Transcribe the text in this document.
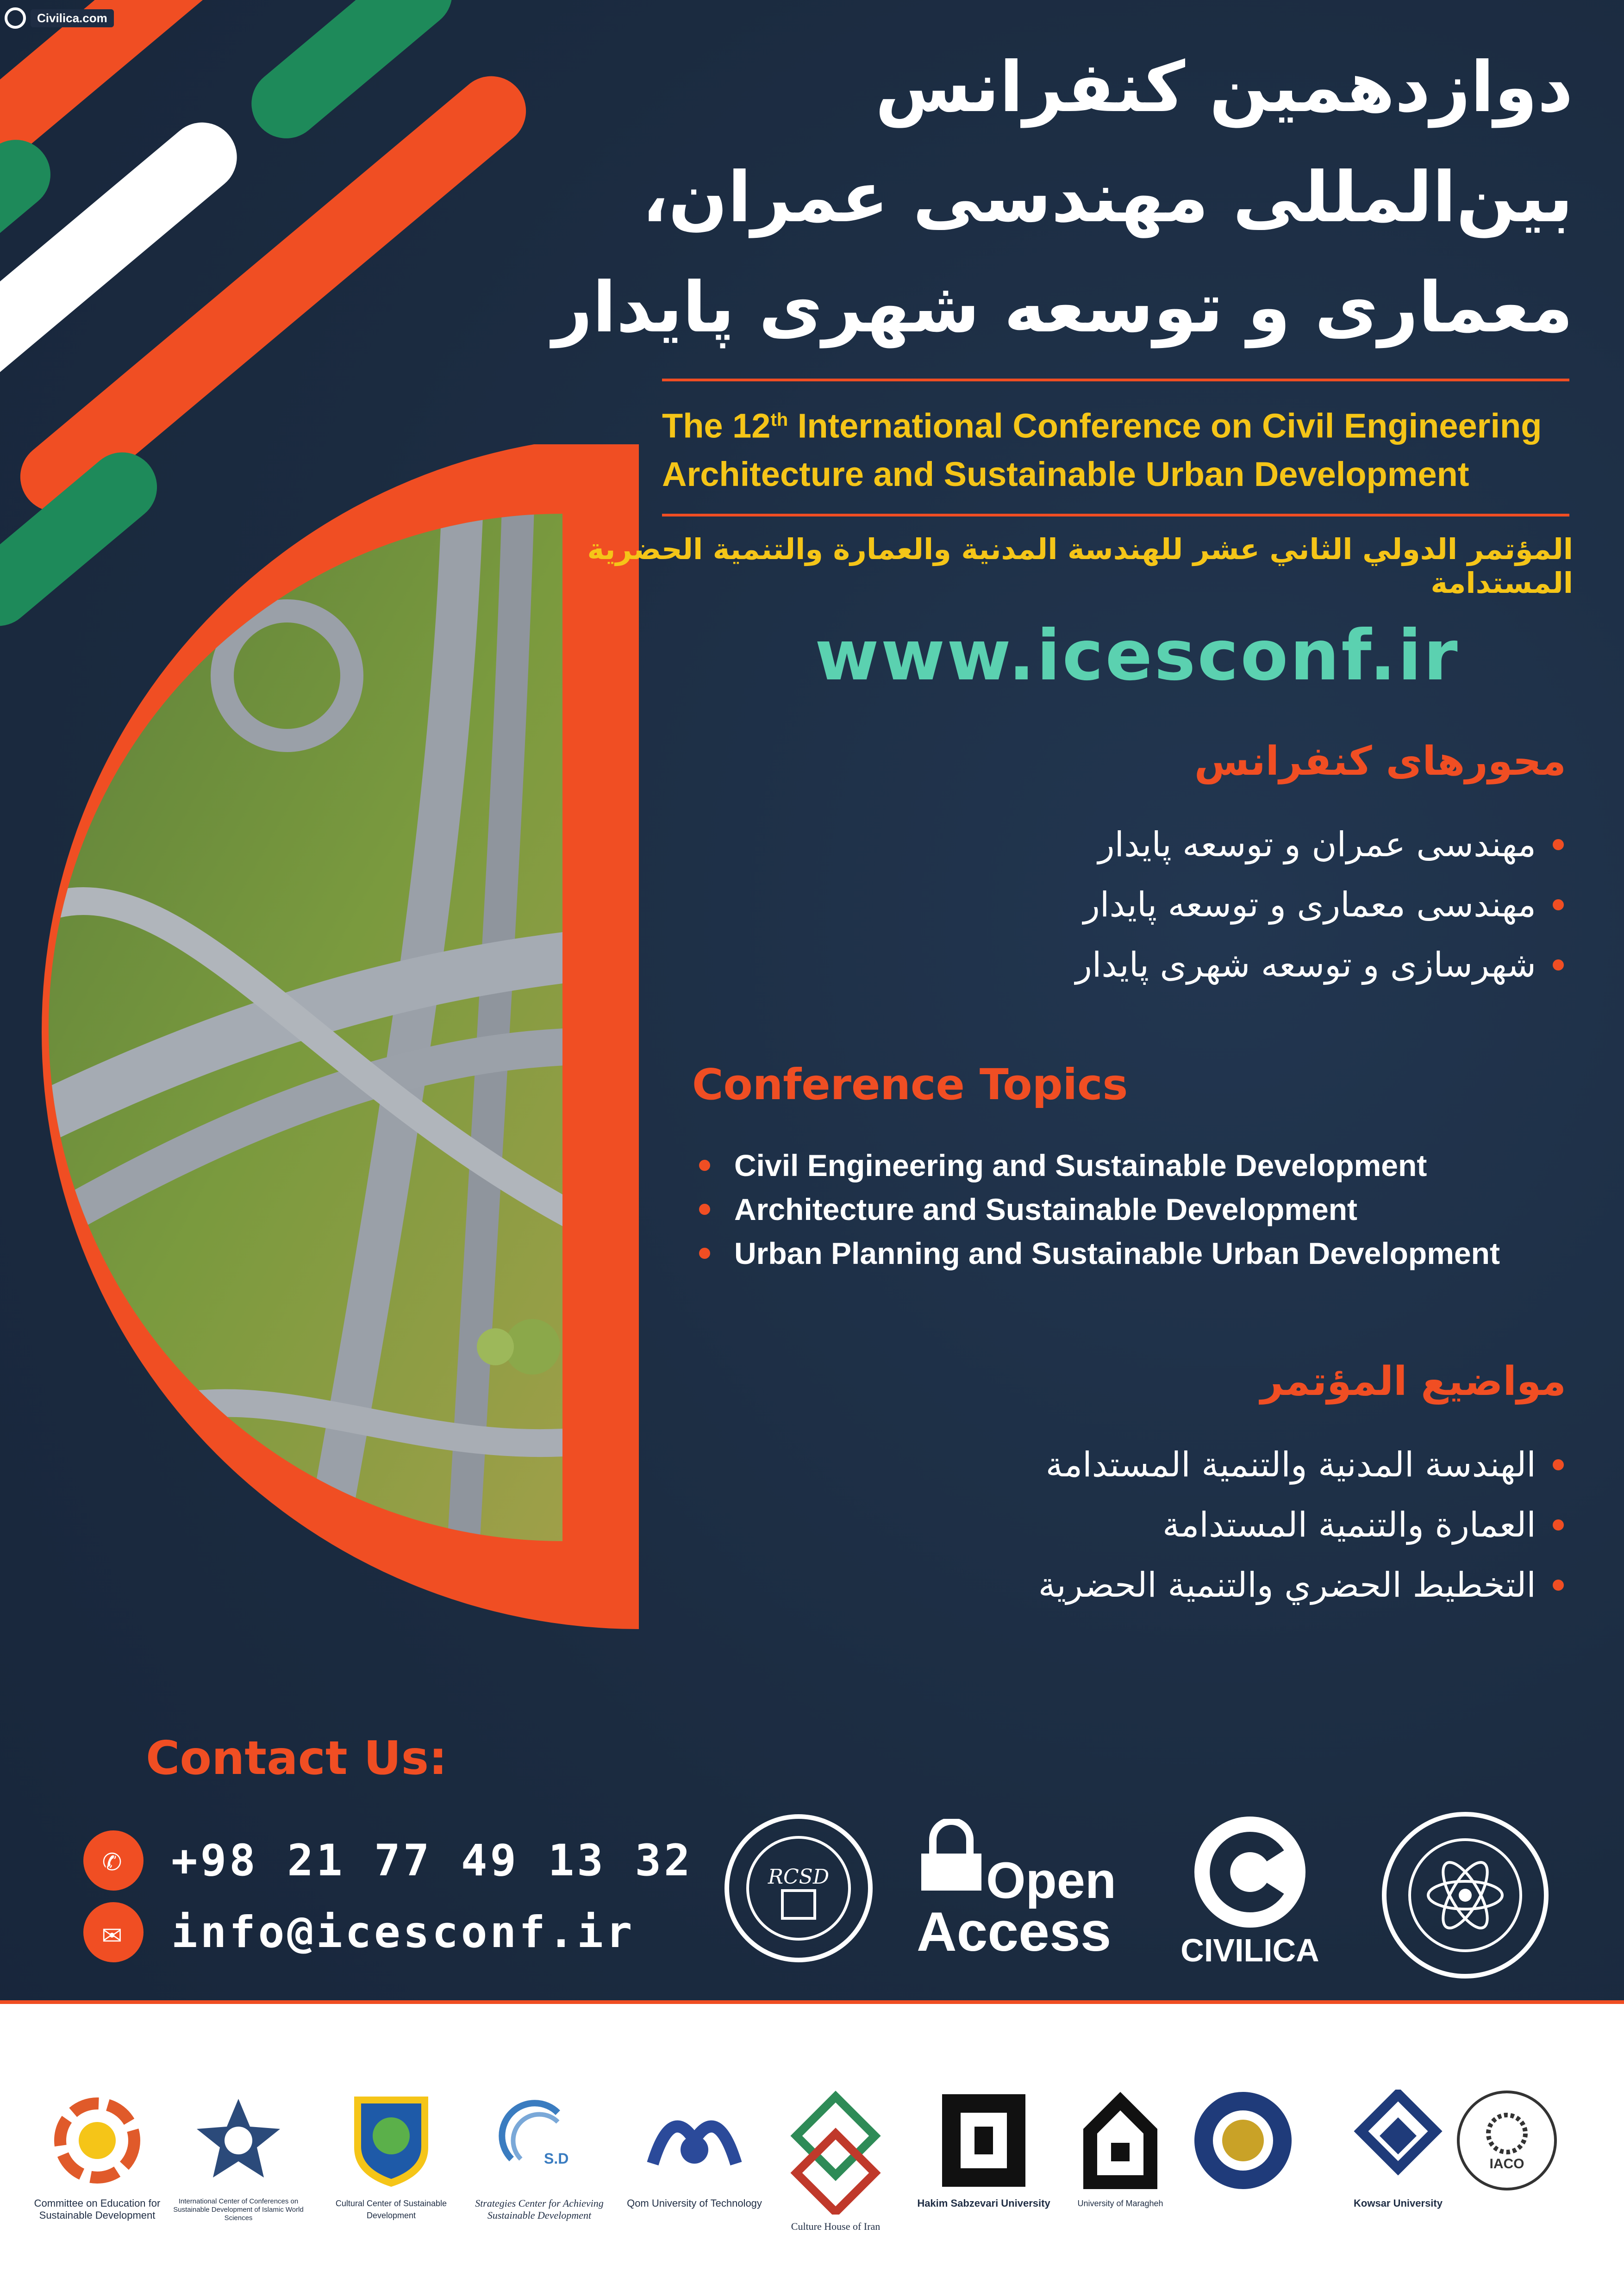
Civilica.com
دوازدهمین کنفرانس
بین‌المللی مهندسی عمران،
معماری و توسعه شهری پایدار
The 12th International Conference on Civil Engineering
Architecture and Sustainable Urban Development
المؤتمر الدولي الثاني عشر للهندسة المدنية والعمارة والتنمية الحضرية المستدامة
www.icesconf.ir
محورهای کنفرانس
مهندسی عمران و توسعه پایدار
مهندسی معماری و توسعه پایدار
شهرسازی و توسعه شهری پایدار
Conference Topics
Civil Engineering and Sustainable Development
Architecture and Sustainable Development
Urban Planning and Sustainable Urban Development
مواضيع المؤتمر
الهندسة المدنية والتنمية المستدامة
العمارة والتنمية المستدامة
التخطيط الحضري والتنمية الحضرية
Contact Us:
✆	+98 21 77 49 13 32
✉	info@icesconf.ir
RCSD	Open
Access CIVILICA
Committee on Education for Sustainable Development
International Center of Conferences on Sustainable Development of Islamic World Sciences
Cultural Center of Sustainable Development
S.D
Strategies Center for Achieving Sustainable Development
Qom University of Technology
Culture House of Iran
Hakim Sabzevari University	University of Maragheh	Kowsar University
IACO
